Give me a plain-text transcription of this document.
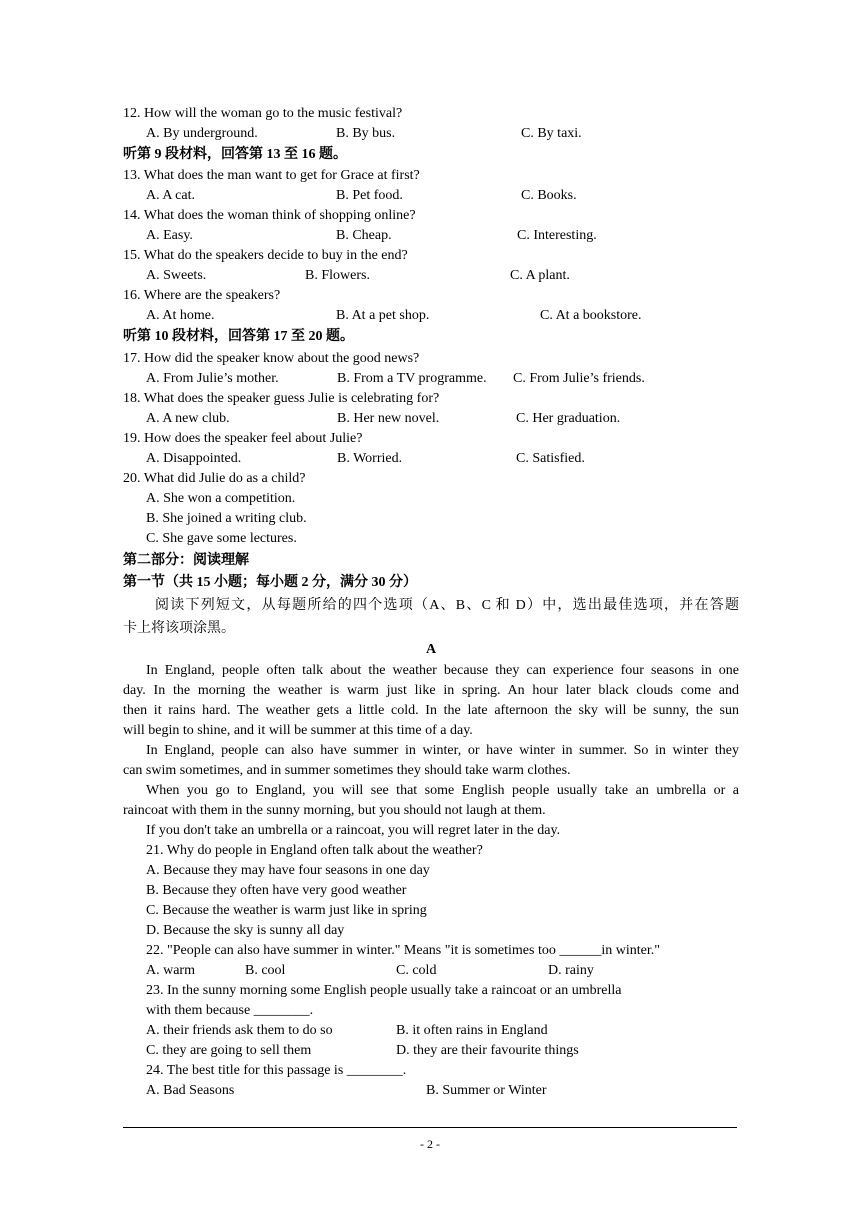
12. How will the woman go to the music festival?
A. By underground.	B. By bus.	C. By taxi.
听第 9 段材料，回答第 13 至 16 题。
13. What does the man want to get for Grace at first?
A. A cat.	B. Pet food.	C. Books.
14. What does the woman think of shopping online?
A. Easy.	B. Cheap.	C. Interesting.
15. What do the speakers decide to buy in the end?
A. Sweets.	B. Flowers.	C. A plant.
16. Where are the speakers?
A. At home.	B. At a pet shop.	C. At a bookstore.
听第 10 段材料，回答第 17 至 20 题。
17. How did the speaker know about the good news?
A. From Julie’s mother.	B. From a TV programme. C. From Julie’s friends.
18. What does the speaker guess Julie is celebrating for?
A. A new club.	B. Her new novel.	C. Her graduation.
19. How does the speaker feel about Julie?
A. Disappointed.	B. Worried.	C. Satisfied.
20. What did Julie do as a child?
A. She won a competition.
B. She joined a writing club.
C. She gave some lectures.
第二部分：阅读理解
第一节（共 15 小题；每小题 2 分，满分 30 分）
阅读下列短文，从每题所给的四个选项（A、B、C 和 D）中，选出最佳选项，并在答题
卡上将该项涂黑。
A
In England, people often talk about the weather because they can experience four seasons in one
day. In the morning the weather is warm just like in spring. An hour later black clouds come and
then it rains hard. The weather gets a little cold. In the late afternoon the sky will be sunny, the sun
will begin to shine, and it will be summer at this time of a day.
In England, people can also have summer in winter, or have winter in summer. So in winter they
can swim sometimes, and in summer sometimes they should take warm clothes.
When you go to England, you will see that some English people usually take an umbrella or a
raincoat with them in the sunny morning, but you should not laugh at them.
If you don't take an umbrella or a raincoat, you will regret later in the day.
21. Why do people in England often talk about the weather?
A. Because they may have four seasons in one day
B. Because they often have very good weather
C. Because the weather is warm just like in spring
D. Because the sky is sunny all day
22. "People can also have summer in winter." Means "it is sometimes too ______in winter."
A. warm	B. cool	C. cold	D. rainy
23. In the sunny morning some English people usually take a raincoat or an umbrella
with them because ________.
A. their friends ask them to do so	B. it often rains in England
C. they are going to sell them	D. they are their favourite things
24. The best title for this passage is ________.
A. Bad Seasons	B. Summer or Winter
- 2 -
